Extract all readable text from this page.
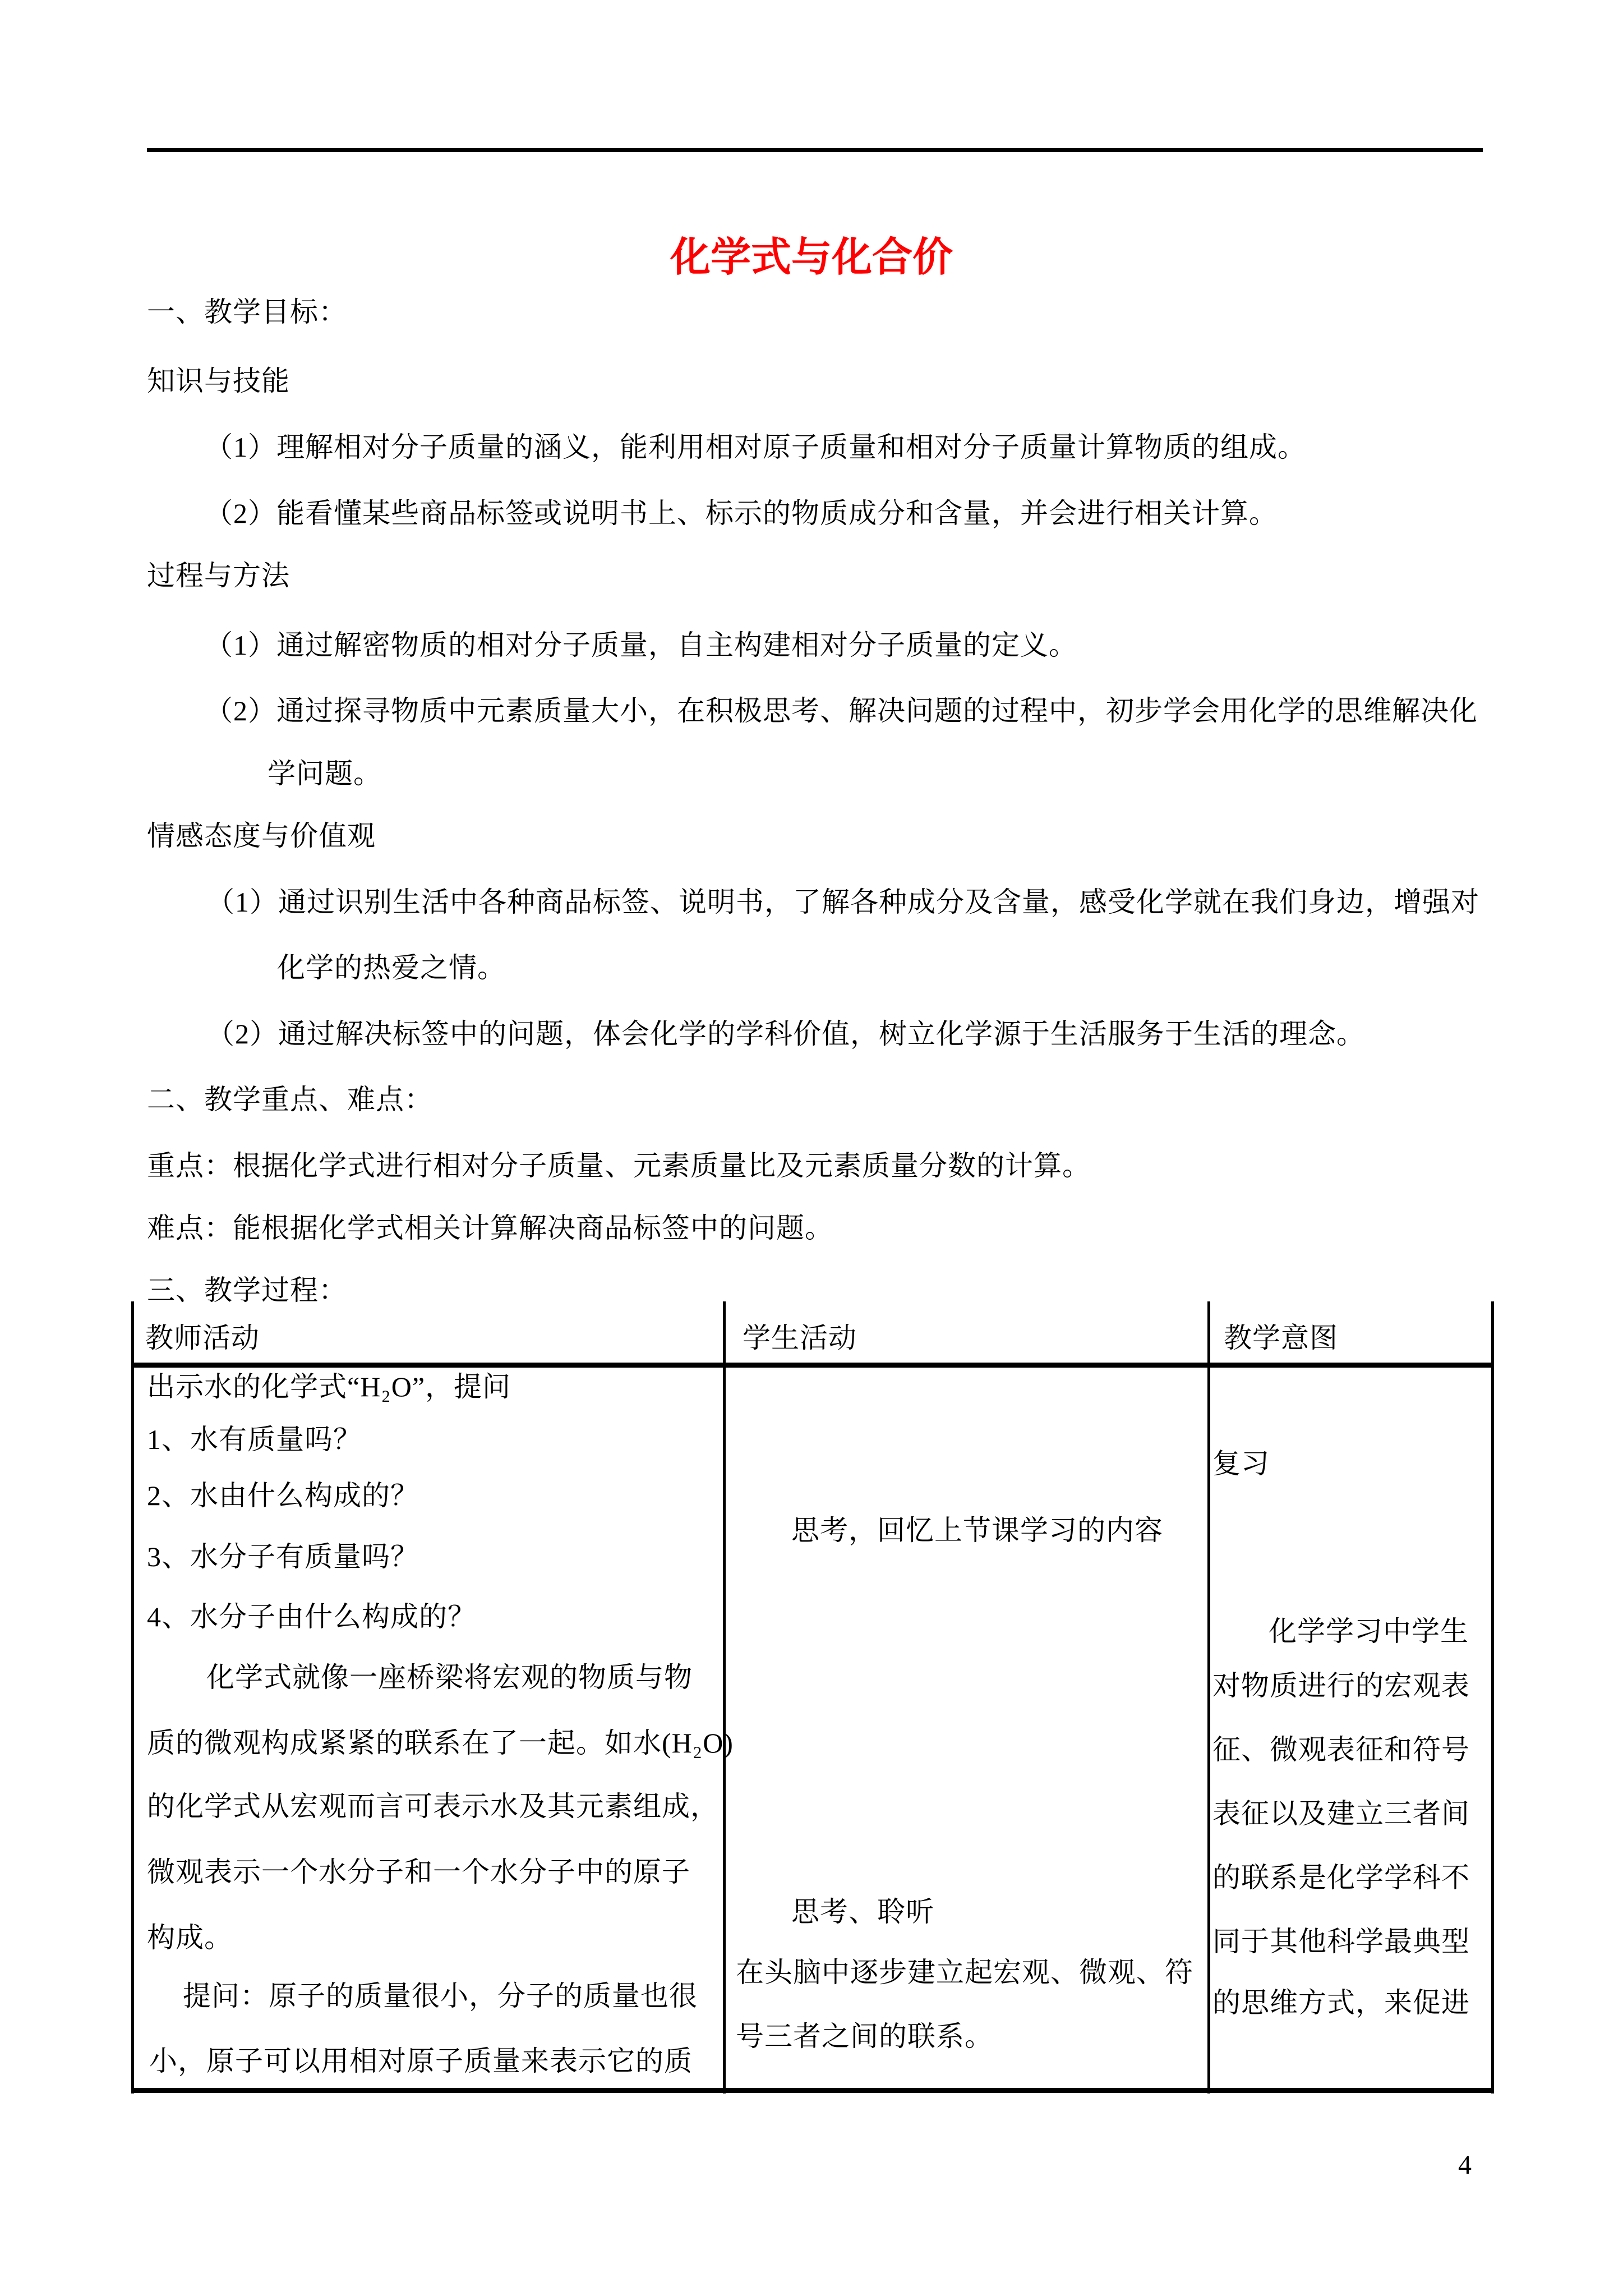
化学式与化合价
一、教学目标：
知识与技能
（1）理解相对分子质量的涵义，能利用相对原子质量和相对分子质量计算物质的组成。
（2）能看懂某些商品标签或说明书上、标示的物质成分和含量，并会进行相关计算。
过程与方法
（1）通过解密物质的相对分子质量，自主构建相对分子质量的定义。
（2）通过探寻物质中元素质量大小，在积极思考、解决问题的过程中，初步学会用化学的思维解决化
学问题。
情感态度与价值观
（1）通过识别生活中各种商品标签、说明书，了解各种成分及含量，感受化学就在我们身边，增强对
化学的热爱之情。
（2）通过解决标签中的问题，体会化学的学科价值，树立化学源于生活服务于生活的理念。
二、教学重点、难点：
重点：根据化学式进行相对分子质量、元素质量比及元素质量分数的计算。
难点：能根据化学式相关计算解决商品标签中的问题。
三、教学过程：
教师活动	学生活动	教学意图
出示水的化学式“H₂O”，提问
1、水有质量吗？
2、水由什么构成的？
3、水分子有质量吗？
4、水分子由什么构成的？
化学式就像一座桥梁将宏观的物质与物
质的微观构成紧紧的联系在了一起。如水(H₂O)
的化学式从宏观而言可表示水及其元素组成，
微观表示一个水分子和一个水分子中的原子
构成。
提问：原子的质量很小，分子的质量也很
小，原子可以用相对原子质量来表示它的质
思考，回忆上节课学习的内容
思考、聆听
在头脑中逐步建立起宏观、微观、符
号三者之间的联系。
复习
化学学习中学生
对物质进行的宏观表
征、微观表征和符号
表征以及建立三者间
的联系是化学学科不
同于其他科学最典型
的思维方式，来促进
4
